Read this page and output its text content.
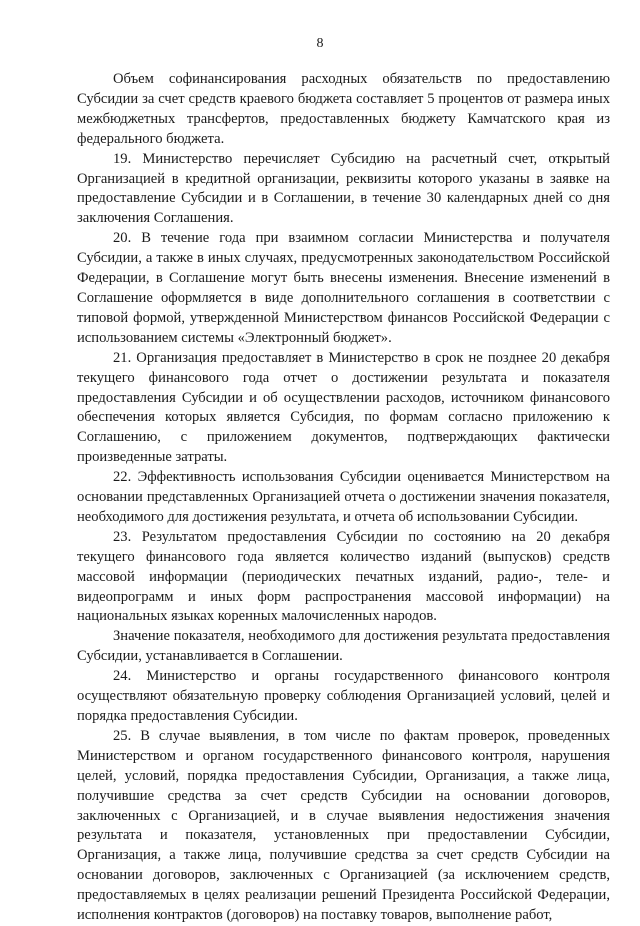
8

Объем софинансирования расходных обязательств по предоставлению Субсидии за счет средств краевого бюджета составляет 5 процентов от размера иных межбюджетных трансфертов, предоставленных бюджету Камчатского края из федерального бюджета.

19. Министерство перечисляет Субсидию на расчетный счет, открытый Организацией в кредитной организации, реквизиты которого указаны в заявке на предоставление Субсидии и в Соглашении, в течение 30 календарных дней со дня заключения Соглашения.

20. В течение года при взаимном согласии Министерства и получателя Субсидии, а также в иных случаях, предусмотренных законодательством Российской Федерации, в Соглашение могут быть внесены изменения. Внесение изменений в Соглашение оформляется в виде дополнительного соглашения в соответствии с типовой формой, утвержденной Министерством финансов Российской Федерации с использованием системы «Электронный бюджет».

21. Организация предоставляет в Министерство в срок не позднее 20 декабря текущего финансового года отчет о достижении результата и показателя предоставления Субсидии и об осуществлении расходов, источником финансового обеспечения которых является Субсидия, по формам согласно приложению к Соглашению, с приложением документов, подтверждающих фактически произведенные затраты.

22. Эффективность использования Субсидии оценивается Министерством на основании представленных Организацией отчета о достижении значения показателя, необходимого для достижения результата, и отчета об использовании Субсидии.

23. Результатом предоставления Субсидии по состоянию на 20 декабря текущего финансового года является количество изданий (выпусков) средств массовой информации (периодических печатных изданий, радио-, теле- и видеопрограмм и иных форм распространения массовой информации) на национальных языках коренных малочисленных народов.

Значение показателя, необходимого для достижения результата предоставления Субсидии, устанавливается в Соглашении.

24. Министерство и органы государственного финансового контроля осуществляют обязательную проверку соблюдения Организацией условий, целей и порядка предоставления Субсидии.

25. В случае выявления, в том числе по фактам проверок, проведенных Министерством и органом государственного финансового контроля, нарушения целей, условий, порядка предоставления Субсидии, Организация, а также лица, получившие средства за счет средств Субсидии на основании договоров, заключенных с Организацией, и в случае выявления недостижения значения результата и показателя, установленных при предоставлении Субсидии, Организация, а также лица, получившие средства за счет средств Субсидии на основании договоров, заключенных с Организацией (за исключением средств, предоставляемых в целях реализации решений Президента Российской Федерации, исполнения контрактов (договоров) на поставку товаров, выполнение работ,
